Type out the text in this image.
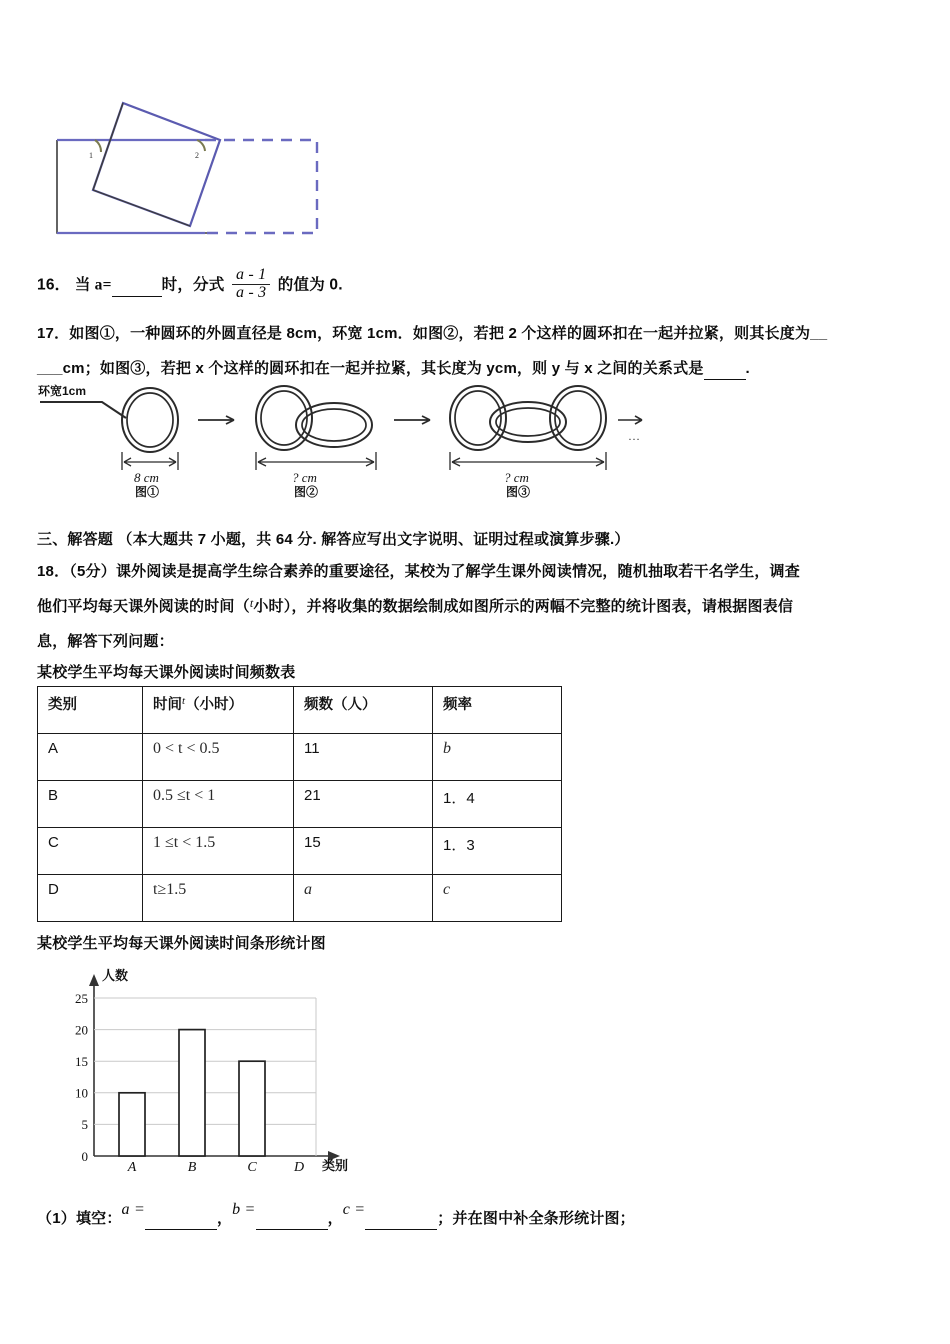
1	2
16． 当 a=	时，分式 $\frac{a - 1}{a - 3}$ 的值为 0.
17．如图①，一种圆环的外圆直径是 8cm，环宽 1cm．如图②，若把 2 个这样的圆环扣在一起并拉紧，则其长度为__
___cm；如图③，若把 x 个这样的圆环扣在一起并拉紧，其长度为 ycm，则 y 与 x 之间的关系式是	.
环宽1cm
8 cm
图①
? cm
图②
? cm
图③
…
三、解答题 （本大题共 7 小题，共 64 分. 解答应写出文字说明、证明过程或演算步骤.）
18．（5分）课外阅读是提高学生综合素养的重要途径，某校为了解学生课外阅读情况，随机抽取若干名学生，调查
他们平均每天课外阅读的时间（$^t$小时），并将收集的数据绘制成如图所示的两幅不完整的统计图表，请根据图表信
息，解答下列问题：
某校学生平均每天课外阅读时间频数表
类别	时间$^t$（小时）	频数（人）	频率
A	0 < t < 0.5	11	b
B	0.5 ≤t < 1	21	1．4
C	1 ≤t < 1.5	15	1．3
D	t≥1.5	a	c
某校学生平均每天课外阅读时间条形统计图
人数
类别
0
5
10
15
20
25
A	B	C	D
（1）填空：a = ，b = ，c = ；并在图中补全条形统计图；
